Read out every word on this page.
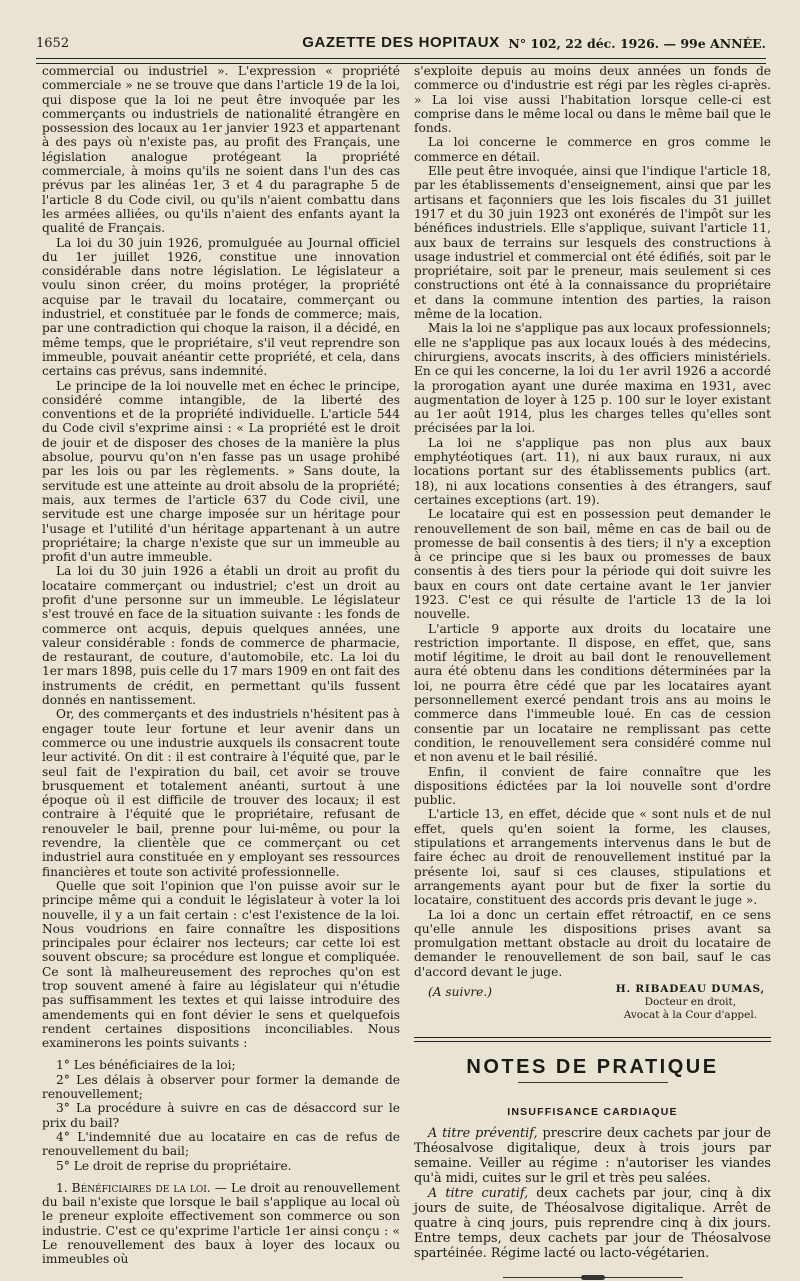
1652	GAZETTE DES HOPITAUX N° 102, 22 déc. 1926. — 99e ANNÉE.

commercial ou industriel ». L'expression « propriété commerciale » ne se trouve que dans l'article 19 de la loi, qui dispose que la loi ne peut être invoquée par les commerçants ou industriels de nationalité étrangère en possession des locaux au 1er janvier 1923 et appartenant à des pays où n'existe pas, au profit des Français, une législation analogue protégeant la propriété commerciale, à moins qu'ils ne soient dans l'un des cas prévus par les alinéas 1er, 3 et 4 du paragraphe 5 de l'article 8 du Code civil, ou qu'ils n'aient combattu dans les armées alliées, ou qu'ils n'aient des enfants ayant la qualité de Français.

La loi du 30 juin 1926, promulguée au Journal officiel du 1er juillet 1926, constitue une innovation considérable dans notre législation. Le législateur a voulu sinon créer, du moins protéger, la propriété acquise par le travail du locataire, commerçant ou industriel, et constituée par le fonds de commerce; mais, par une contradiction qui choque la raison, il a décidé, en même temps, que le propriétaire, s'il veut reprendre son immeuble, pouvait anéantir cette propriété, et cela, dans certains cas prévus, sans indemnité.

Le principe de la loi nouvelle met en échec le principe, considéré comme intangible, de la liberté des conventions et de la propriété individuelle. L'article 544 du Code civil s'exprime ainsi : « La propriété est le droit de jouir et de disposer des choses de la manière la plus absolue, pourvu qu'on n'en fasse pas un usage prohibé par les lois ou par les règlements. » Sans doute, la servitude est une atteinte au droit absolu de la propriété; mais, aux termes de l'article 637 du Code civil, une servitude est une charge imposée sur un héritage pour l'usage et l'utilité d'un héritage appartenant à un autre propriétaire; la charge n'existe que sur un immeuble au profit d'un autre immeuble.

La loi du 30 juin 1926 a établi un droit au profit du locataire commerçant ou industriel; c'est un droit au profit d'une personne sur un immeuble. Le législateur s'est trouvé en face de la situation suivante : les fonds de commerce ont acquis, depuis quelques années, une valeur considérable : fonds de commerce de pharmacie, de restaurant, de couture, d'automobile, etc. La loi du 1er mars 1898, puis celle du 17 mars 1909 en ont fait des instruments de crédit, en permettant qu'ils fussent donnés en nantissement.

Or, des commerçants et des industriels n'hésitent pas à engager toute leur fortune et leur avenir dans un commerce ou une industrie auxquels ils consacrent toute leur activité. On dit : il est contraire à l'équité que, par le seul fait de l'expiration du bail, cet avoir se trouve brusquement et totalement anéanti, surtout à une époque où il est difficile de trouver des locaux; il est contraire à l'équité que le propriétaire, refusant de renouveler le bail, prenne pour lui-même, ou pour la revendre, la clientèle que ce commerçant ou cet industriel aura constituée en y employant ses ressources financières et toute son activité professionnelle.

Quelle que soit l'opinion que l'on puisse avoir sur le principe même qui a conduit le législateur à voter la loi nouvelle, il y a un fait certain : c'est l'existence de la loi. Nous voudrions en faire connaître les dispositions principales pour éclairer nos lecteurs; car cette loi est souvent obscure; sa procédure est longue et compliquée. Ce sont là malheureusement des reproches qu'on est trop souvent amené à faire au législateur qui n'étudie pas suffisamment les textes et qui laisse introduire des amendements qui en font dévier le sens et quelquefois rendent certaines dispositions inconciliables. Nous examinerons les points suivants :

1° Les bénéficiaires de la loi;

2° Les délais à observer pour former la demande de renouvellement;

3° La procédure à suivre en cas de désaccord sur le prix du bail?

4° L'indemnité due au locataire en cas de refus de renouvellement du bail;

5° Le droit de reprise du propriétaire.

1. Bénéficiaires de la loi. — Le droit au renouvellement du bail n'existe que lorsque le bail s'applique au local où le preneur exploite effectivement son commerce ou son industrie. C'est ce qu'exprime l'article 1er ainsi conçu : « Le renouvellement des baux à loyer des locaux ou immeubles où

s'exploite depuis au moins deux années un fonds de commerce ou d'industrie est régi par les règles ci-après. » La loi vise aussi l'habitation lorsque celle-ci est comprise dans le même local ou dans le même bail que le fonds.

La loi concerne le commerce en gros comme le commerce en détail.

Elle peut être invoquée, ainsi que l'indique l'article 18, par les établissements d'enseignement, ainsi que par les artisans et façonniers que les lois fiscales du 31 juillet 1917 et du 30 juin 1923 ont exonérés de l'impôt sur les bénéfices industriels. Elle s'applique, suivant l'article 11, aux baux de terrains sur lesquels des constructions à usage industriel et commercial ont été édifiés, soit par le propriétaire, soit par le preneur, mais seulement si ces constructions ont été à la connaissance du propriétaire et dans la commune intention des parties, la raison même de la location.

Mais la loi ne s'applique pas aux locaux professionnels; elle ne s'applique pas aux locaux loués à des médecins, chirurgiens, avocats inscrits, à des officiers ministériels. En ce qui les concerne, la loi du 1er avril 1926 a accordé la prorogation ayant une durée maxima en 1931, avec augmentation de loyer à 125 p. 100 sur le loyer existant au 1er août 1914, plus les charges telles qu'elles sont précisées par la loi.

La loi ne s'applique pas non plus aux baux emphytéotiques (art. 11), ni aux baux ruraux, ni aux locations portant sur des établissements publics (art. 18), ni aux locations consenties à des étrangers, sauf certaines exceptions (art. 19).

Le locataire qui est en possession peut demander le renouvellement de son bail, même en cas de bail ou de promesse de bail consentis à des tiers; il n'y a exception à ce principe que si les baux ou promesses de baux consentis à des tiers pour la période qui doit suivre les baux en cours ont date certaine avant le 1er janvier 1923. C'est ce qui résulte de l'article 13 de la loi nouvelle.

L'article 9 apporte aux droits du locataire une restriction importante. Il dispose, en effet, que, sans motif légitime, le droit au bail dont le renouvellement aura été obtenu dans les conditions déterminées par la loi, ne pourra être cédé que par les locataires ayant personnellement exercé pendant trois ans au moins le commerce dans l'immeuble loué. En cas de cession consentie par un locataire ne remplissant pas cette condition, le renouvellement sera considéré comme nul et non avenu et le bail résilié.

Enfin, il convient de faire connaître que les dispositions édictées par la loi nouvelle sont d'ordre public.

L'article 13, en effet, décide que « sont nuls et de nul effet, quels qu'en soient la forme, les clauses, stipulations et arrangements intervenus dans le but de faire échec au droit de renouvellement institué par la présente loi, sauf si ces clauses, stipulations et arrangements ayant pour but de fixer la sortie du locataire, constituent des accords pris devant le juge ».

La loi a donc un certain effet rétroactif, en ce sens qu'elle annule les dispositions prises avant sa promulgation mettant obstacle au droit du locataire de demander le renouvellement de son bail, sauf le cas d'accord devant le juge.

(A suivre.)	H. RIBADEAU DUMAS,
Docteur en droit,
Avocat à la Cour d'appel.
NOTES DE PRATIQUE
INSUFFISANCE CARDIAQUE

A titre préventif, prescrire deux cachets par jour de Théosalvose digitalique, deux à trois jours par semaine. Veiller au régime : n'autoriser les viandes qu'à midi, cuites sur le gril et très peu salées.

A titre curatif, deux cachets par jour, cinq à dix jours de suite, de Théosalvose digitalique. Arrêt de quatre à cinq jours, puis reprendre cinq à dix jours. Entre temps, deux cachets par jour de Théosalvose spartéinée. Régime lacté ou lacto-végétarien.
